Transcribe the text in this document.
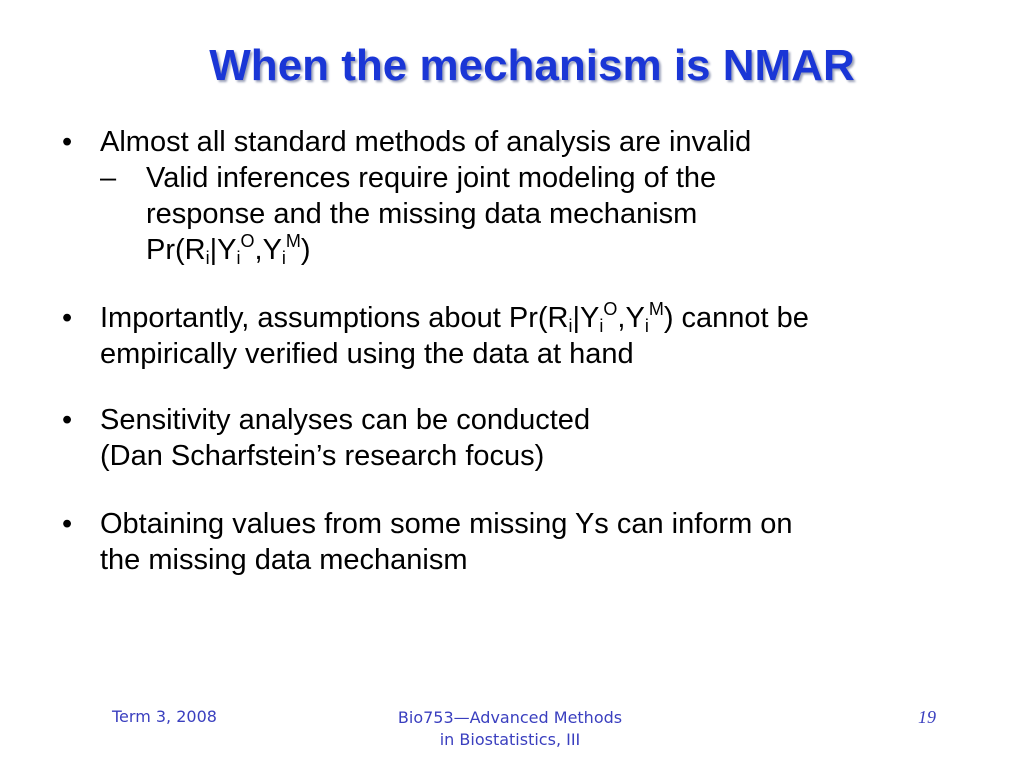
When the mechanism is NMAR
• Almost all standard methods of analysis are invalid
– Valid inferences require joint modeling of the
response and the missing data mechanism
$Pr(R_i|Y_i^O,Y_i^M)$
• Importantly, assumptions about $Pr(R_i|Y_i^O,Y_i^M)$ cannot be
empirically verified using the data at hand
• Sensitivity analyses can be conducted
(Dan Scharfstein’s research focus)
• Obtaining values from some missing Ys can inform on
the missing data mechanism
Term 3, 2008	Bio753—Advanced Methods
in Biostatistics, III
19
